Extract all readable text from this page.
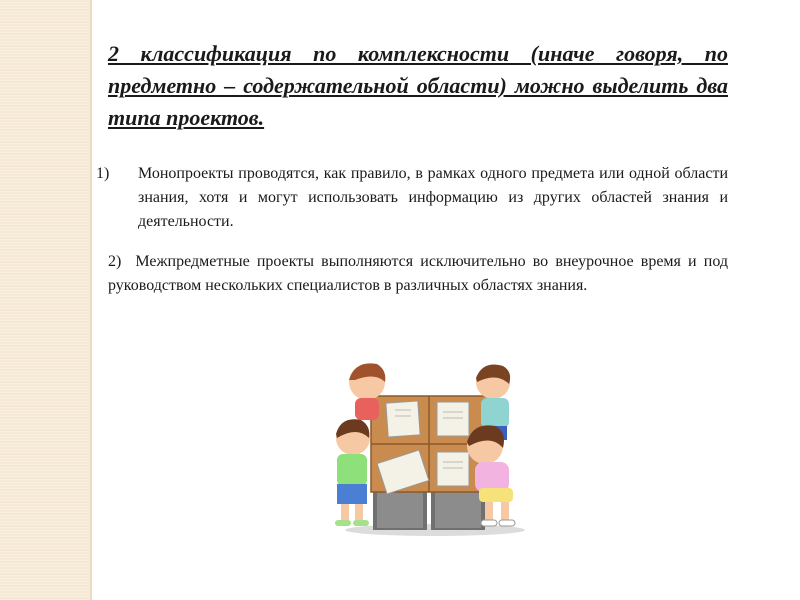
2 классификация по комплексности (иначе говоря, по предметно – содержательной области) можно выделить два типа проектов.

1) Монопроекты проводятся, как правило, в рамках одного предмета или одной области знания, хотя и могут использовать информацию из других областей знания и деятельности.
2) Межпредметные проекты выполняются исключительно во внеурочное время и под руководством нескольких специалистов в различных областях знания.
